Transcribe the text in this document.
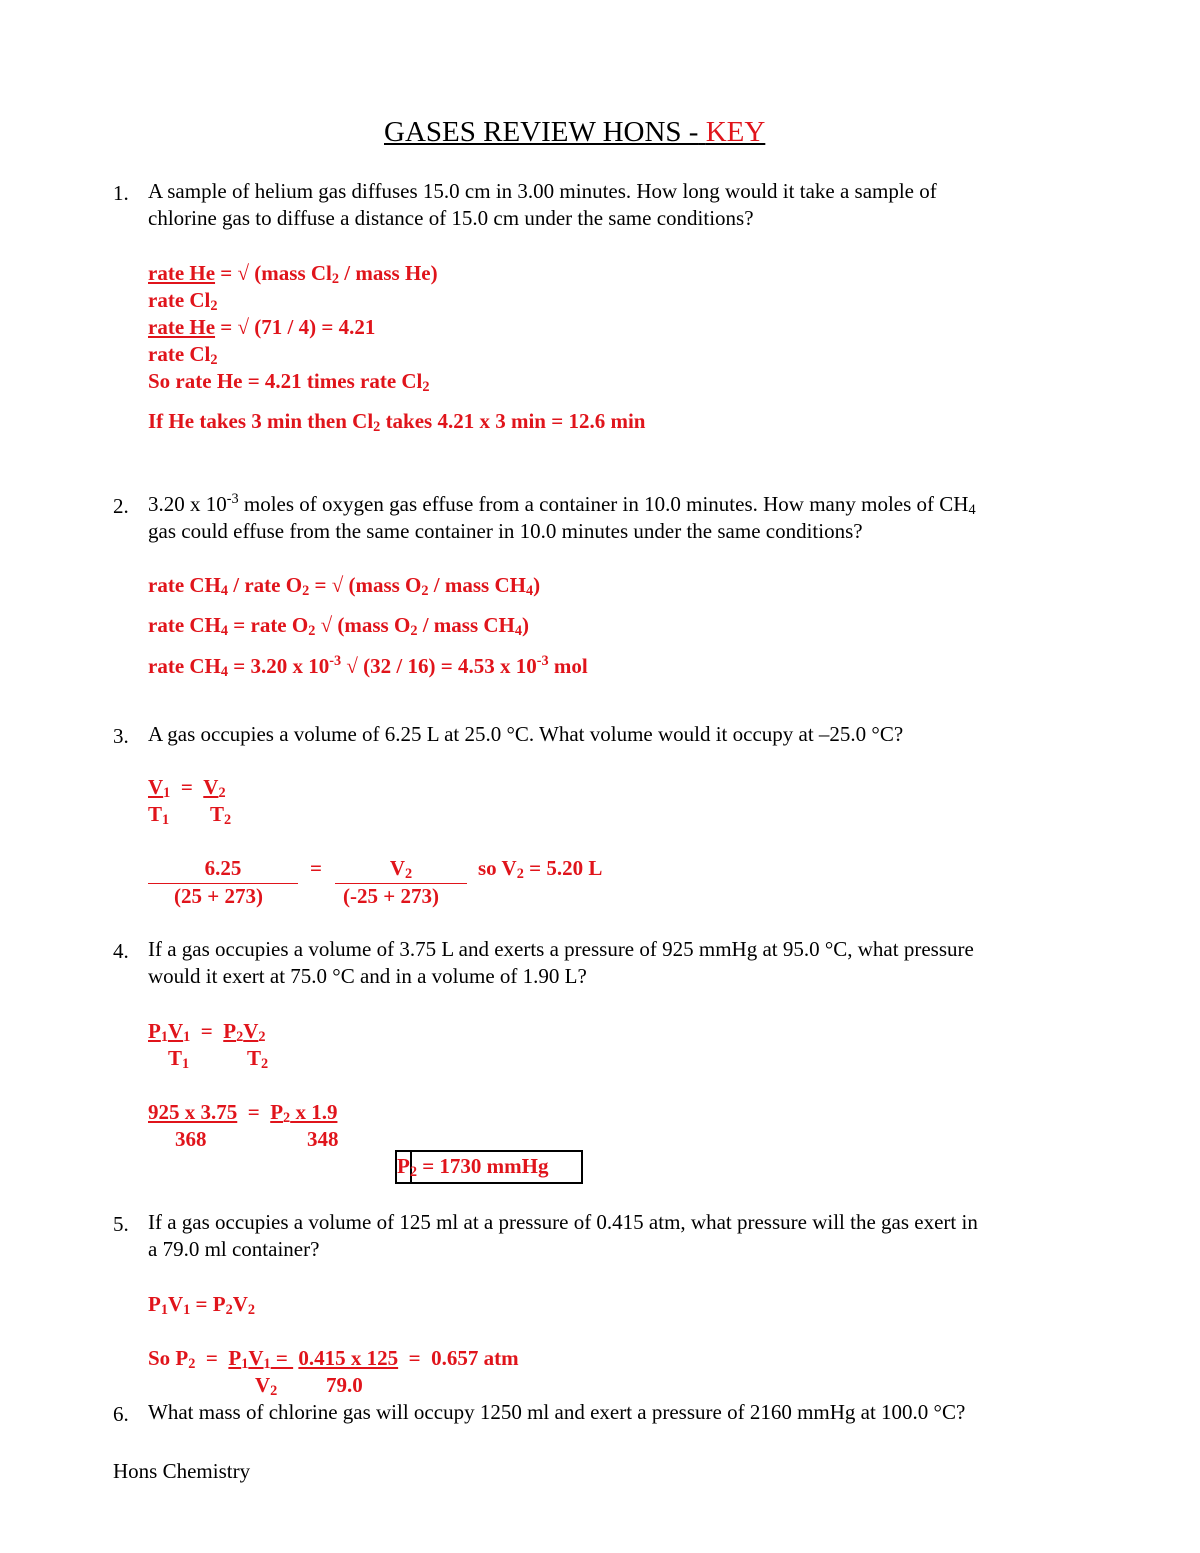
GASES REVIEW HONS - KEY
1. A sample of helium gas diffuses 15.0 cm in 3.00 minutes. How long would it take a sample of
chlorine gas to diffuse a distance of 15.0 cm under the same conditions?
rate He = √ (mass Cl2 / mass He)
rate Cl2
rate He = √ (71 / 4) = 4.21
rate Cl2
So rate He = 4.21 times rate Cl2
If He takes 3 min then Cl2 takes 4.21 x 3 min = 12.6 min
2. 3.20 x $10^{-3}$ moles of oxygen gas effuse from a container in 10.0 minutes. How many moles of CH4
gas could effuse from the same container in 10.0 minutes under the same conditions?
rate CH4 / rate O2 = √ (mass O2 / mass CH4)
rate CH4 = rate O2 √ (mass O2 / mass CH4)
rate CH4 = 3.20 x $10^{-3}$ √ (32 / 16) = 4.53 x $10^{-3}$ mol
3. A gas occupies a volume of 6.25 L at 25.0 °C. What volume would it occupy at –25.0 °C?
V1 = V2
T1 T2
6.25	=	V2	so V2 = 5.20 L
(25 + 273)	(-25 + 273)
4. If a gas occupies a volume of 3.75 L and exerts a pressure of 925 mmHg at 95.0 °C, what pressure
would it exert at 75.0 °C and in a volume of 1.90 L?
P1V1 = P2V2
T1	T2
925 x 3.75 = P2 x 1.9
368	348
P2 = 1730 mmHg
5. If a gas occupies a volume of 125 ml at a pressure of 0.415 atm, what pressure will the gas exert in
a 79.0 ml container?
P1V1 = P2V2
So P2  =  P1V1 =  0.415 x 125  =  0.657 atm
V2 79.0
6. What mass of chlorine gas will occupy 1250 ml and exert a pressure of 2160 mmHg at 100.0 °C?
Hons Chemistry
